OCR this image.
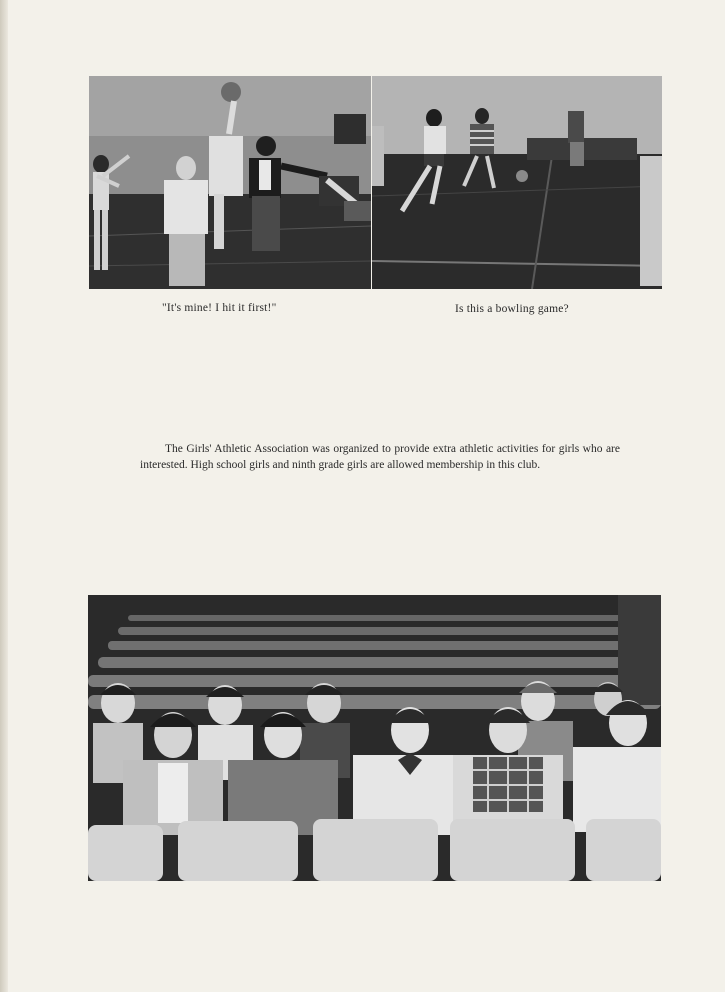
"It's mine! I hit it first!"	Is this a bowling game?

The Girls' Athletic Association was organized to provide extra athletic activities for girls who are interested. High school girls and ninth grade girls are allowed membership in this club.
